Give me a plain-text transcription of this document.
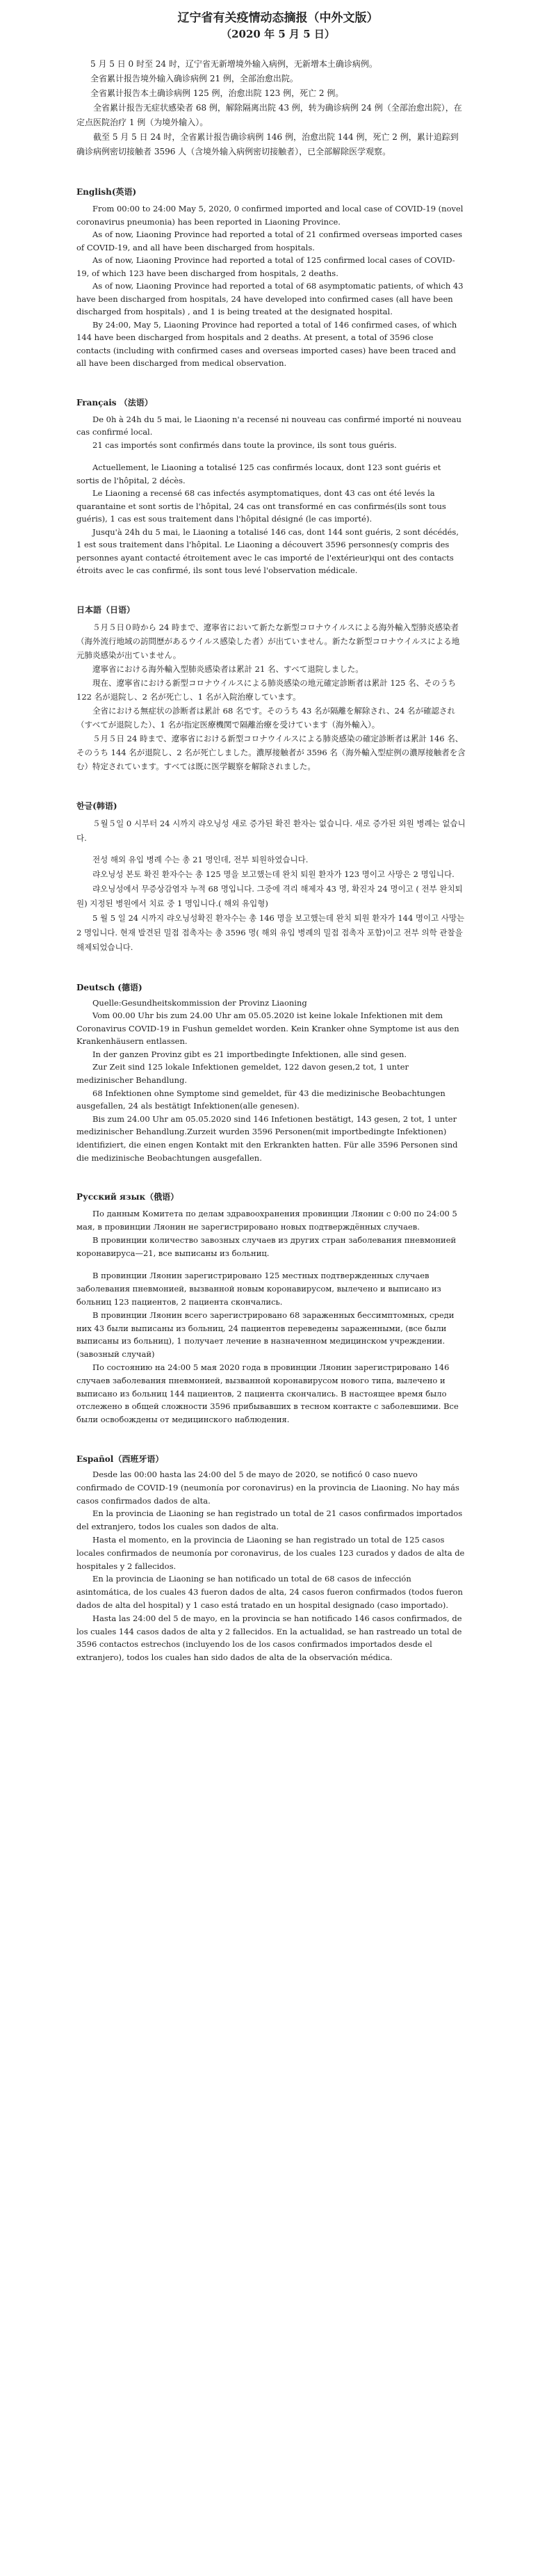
辽宁省有关疫情动态摘报（中外文版）
（2020 年 5 月 5 日）

5 月 5 日 0 时至 24 时，辽宁省无新增境外输入病例，无新增本土确诊病例。

全省累计报告境外输入确诊病例 21 例，全部治愈出院。

全省累计报告本土确诊病例 125 例，治愈出院 123 例，死亡 2 例。

全省累计报告无症状感染者 68 例，解除隔离出院 43 例，转为确诊病例 24 例（全部治愈出院），在定点医院治疗 1 例（为境外输入）。

截至 5 月 5 日 24 时，全省累计报告确诊病例 146 例，治愈出院 144 例，死亡 2 例，累计追踪到确诊病例密切接触者 3596 人（含境外输入病例密切接触者），已全部解除医学观察。

English(英语)

From 00:00 to 24:00 May 5, 2020, 0 confirmed imported and local case of COVID-19 (novel coronavirus pneumonia) has been reported in Liaoning Province.

As of now, Liaoning Province had reported a total of 21 confirmed overseas imported cases of COVID-19, and all have been discharged from hospitals.

As of now, Liaoning Province had reported a total of 125 confirmed local cases of COVID-19, of which 123 have been discharged from hospitals, 2 deaths.

As of now, Liaoning Province had reported a total of 68 asymptomatic patients, of which 43 have been discharged from hospitals, 24 have developed into confirmed cases (all have been discharged from hospitals) , and 1 is being treated at the designated hospital.

By 24:00, May 5, Liaoning Province had reported a total of 146 confirmed cases, of which 144 have been discharged from hospitals and 2 deaths. At present, a total of 3596 close contacts (including with confirmed cases and overseas imported cases) have been traced and all have been discharged from medical observation.

Français （法语）

De 0h à 24h du 5 mai, le Liaoning n'a recensé ni nouveau cas confirmé importé ni nouveau cas confirmé local.

21 cas importés sont confirmés dans toute la province, ils sont tous guéris.

Actuellement, le Liaoning a totalisé 125 cas confirmés locaux, dont 123 sont guéris et sortis de l'hôpital, 2 décès.

Le Liaoning a recensé 68 cas infectés asymptomatiques, dont 43 cas ont été levés la quarantaine et sont sortis de l'hôpital, 24 cas ont transformé en cas confirmés(ils sont tous guéris), 1 cas est sous traitement dans l'hôpital désigné (le cas importé).

Jusqu'à 24h du 5 mai, le Liaoning a totalisé 146 cas, dont 144 sont guéris, 2 sont décédés, 1 est sous traitement dans l'hôpital. Le Liaoning a découvert 3596 personnes(y compris des personnes ayant contacté étroitement avec le cas importé de l'extérieur)qui ont des contacts étroits avec le cas confirmé, ils sont tous levé l'observation médicale.

日本語（日语）

５月５日０時から 24 時まで、遼寧省において新たな新型コロナウイルスによる海外輸入型肺炎感染者（海外流行地域の訪問歴があるウイルス感染した者）が出ていません。新たな新型コロナウイルスによる地元肺炎感染が出ていません。

遼寧省における海外輸入型肺炎感染者は累計 21 名、すべて退院しました。

現在、遼寧省における新型コロナウイルスによる肺炎感染の地元確定診断者は累計 125 名、そのうち 122 名が退院し、2 名が死亡し、1 名が入院治療しています。

全省における無症状の診断者は累計 68 名です。そのうち 43 名が隔離を解除され、24 名が確認され（すべてが退院した）、1 名が指定医療機関で隔離治療を受けています（海外輸入）。

５月５日 24 時まで、遼寧省における新型コロナウイルスによる肺炎感染の確定診断者は累計 146 名、そのうち 144 名が退院し、2 名が死亡しました。濃厚接触者が 3596 名（海外輸入型症例の濃厚接触者を含む）特定されています。すべては既に医学観察を解除されました。

한글(韩语)

５월５일 0 시부터 24 시까지 랴오닝성 새로 증가된 확진 환자는 없습니다. 새로 증가된 외원 병례는 없습니다.

전성 해외 유입 병례 수는 총 21 명인데, 전부 퇴원하였습니다.

랴오닝성 본토 확진 환자수는 총 125 명을 보고했는데 완치 퇴원 환자가 123 명이고 사망은 2 명입니다.

랴오닝성에서 무증상감염자 누적 68 명입니다. 그중에 격리 해제자 43 명, 확진자 24 명이고 ( 전부 완치퇴원) 지정된 병원에서 치료 중 1 명입니다.( 해외 유입형)

5 월 5 일 24 시까지 랴오닝성확진 환자수는 총 146 명을 보고했는데 완치 퇴원 환자가 144 명이고 사망는 2 명입니다. 현재 발견된 밀접 접촉자는 총 3596 명( 해외 유입 병례의 밀접 접촉자 포함)이고 전부 의학 관찰을 해제되었습니다.

Deutsch (德语)

Quelle:Gesundheitskommission der Provinz Liaoning

Vom 00.00 Uhr bis zum 24.00 Uhr am 05.05.2020 ist keine lokale Infektionen mit dem Coronavirus COVID-19 in Fushun gemeldet worden. Kein Kranker ohne Symptome ist aus den Krankenhäusern entlassen.

In der ganzen Provinz gibt es 21 importbedingte Infektionen, alle sind gesen.

Zur Zeit sind 125 lokale Infektionen gemeldet, 122 davon gesen,2 tot, 1 unter medizinischer Behandlung.

68 Infektionen ohne Symptome sind gemeldet, für 43 die medizinische Beobachtungen ausgefallen, 24 als bestätigt Infektionen(alle genesen).

Bis zum 24.00 Uhr am 05.05.2020 sind 146 Infetionen bestätigt, 143 gesen, 2 tot, 1 unter medizinischer Behandlung.Zurzeit wurden 3596 Personen(mit importbedingte Infektionen) identifiziert, die einen engen Kontakt mit den Erkrankten hatten. Für alle 3596 Personen sind die medizinische Beobachtungen ausgefallen.

Русский язык（俄语）

По данным Комитета по делам здравоохранения провинции Ляонин с 0:00 по 24:00 5 мая, в провинции Ляонин не зарегистрировано новых подтверждённых случаев.

В провинции количество завозных случаев из других стран заболевания пневмонией коронавируса—21, все выписаны из больниц.

В провинции Ляонин зарегистрировано 125 местных подтвержденных случаев заболевания пневмонией, вызванной новым коронавирусом, вылечено и выписано из больниц 123 пациентов, 2 пациента скончались.

В провинции Ляонин всего зарегистрировано 68 зараженных бессимптомных, среди них 43 были выписаны из больниц, 24 пациентов переведены зараженными, (все были выписаны из больниц), 1 получает лечение в назначенном медицинском учреждении. (завозный случай)

По состоянию на 24:00 5 мая 2020 года в провинции Ляонин зарегистрировано 146 случаев заболевания пневмонией, вызванной коронавирусом нового типа, вылечено и выписано из больниц 144 пациентов, 2 пациента скончались. В настоящее время было отслежено в общей сложности 3596 прибывавших в тесном контакте с заболевшими. Все были освобождены от медицинского наблюдения.

Español（西班牙语）

Desde las 00:00 hasta las 24:00 del 5 de mayo de 2020, se notificó 0 caso nuevo confirmado de COVID-19 (neumonía por coronavirus) en la provincia de Liaoning. No hay más casos confirmados dados de alta.

En la provincia de Liaoning se han registrado un total de 21 casos confirmados importados del extranjero, todos los cuales son dados de alta.

Hasta el momento, en la provincia de Liaoning se han registrado un total de 125 casos locales confirmados de neumonía por coronavirus, de los cuales 123 curados y dados de alta de hospitales y 2 fallecidos.

En la provincia de Liaoning se han notificado un total de 68 casos de infección asintomática, de los cuales 43 fueron dados de alta, 24 casos fueron confirmados (todos fueron dados de alta del hospital) y 1 caso está tratado en un hospital designado (caso importado).

Hasta las 24:00 del 5 de mayo, en la provincia se han notificado 146 casos confirmados, de los cuales 144 casos dados de alta y 2 fallecidos. En la actualidad, se han rastreado un total de 3596 contactos estrechos (incluyendo los de los casos confirmados importados desde el extranjero), todos los cuales han sido dados de alta de la observación médica.
